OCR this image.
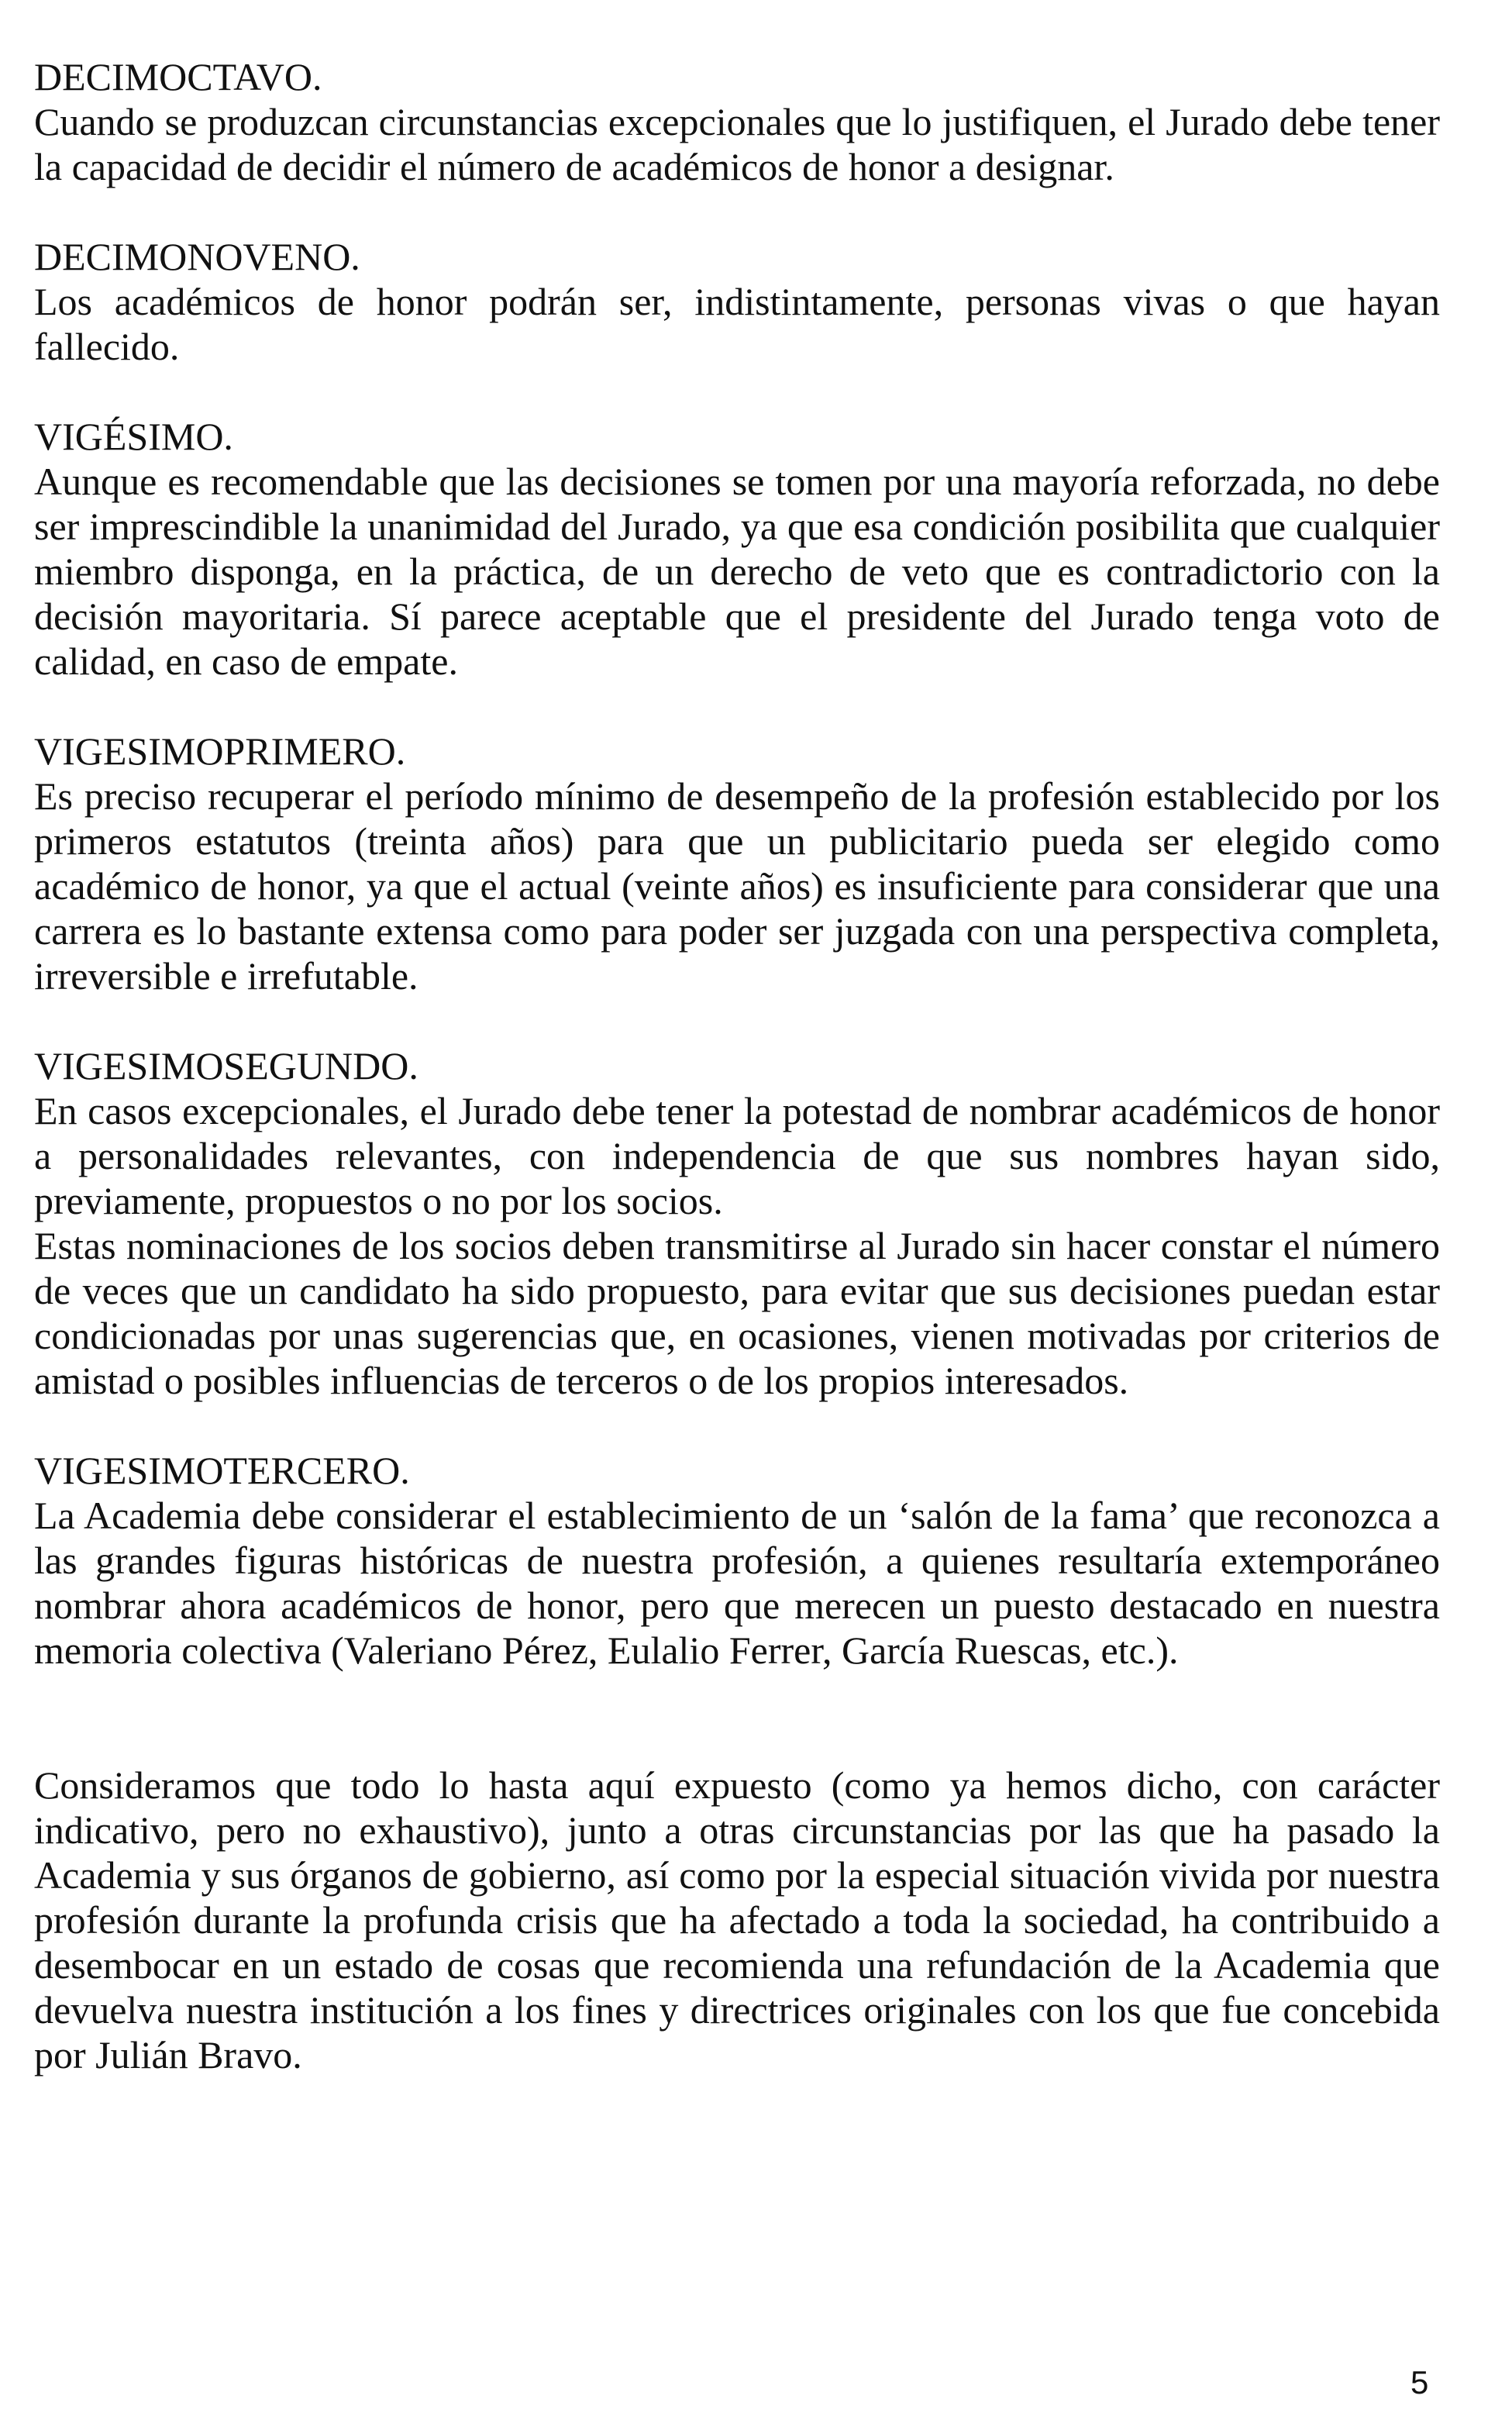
DECIMOCTAVO.

Cuando se produzcan circunstancias excepcionales que lo justifiquen, el Jurado debe tener la capacidad de decidir el número de académicos de honor a designar.

DECIMONOVENO.

Los académicos de honor podrán ser, indistintamente, personas vivas o que hayan fallecido.

VIGÉSIMO.

Aunque es recomendable que las decisiones se tomen por una mayoría reforzada, no debe ser imprescindible la unanimidad del Jurado, ya que esa condición posibilita que cualquier miembro disponga, en la práctica, de un derecho de veto que es contradictorio con la decisión mayoritaria. Sí parece aceptable que el presidente del Jurado tenga voto de calidad, en caso de empate.

VIGESIMOPRIMERO.

Es preciso recuperar el período mínimo de desempeño de la profesión establecido por los primeros estatutos (treinta años) para que un publicitario pueda ser elegido como académico de honor, ya que el actual (veinte años) es insuficiente para considerar que una carrera es lo bastante extensa como para poder ser juzgada con una perspectiva completa, irreversible e irrefutable.

VIGESIMOSEGUNDO.

En casos excepcionales, el Jurado debe tener la potestad de nombrar académicos de honor a personalidades relevantes, con independencia de que sus nombres hayan sido, previamente, propuestos o no por los socios.

Estas nominaciones de los socios deben transmitirse al Jurado sin hacer constar el número de veces que un candidato ha sido propuesto, para evitar que sus decisiones puedan estar condicionadas por unas sugerencias que, en ocasiones, vienen motivadas por criterios de amistad o posibles influencias de terceros o de los propios interesados.

VIGESIMOTERCERO.

La Academia debe considerar el establecimiento de un ‘salón de la fama’ que reconozca a las grandes figuras históricas de nuestra profesión, a quienes resultaría extemporáneo nombrar ahora académicos de honor, pero que merecen un puesto destacado en nuestra memoria colectiva (Valeriano Pérez, Eulalio Ferrer, García Ruescas, etc.).

Consideramos que todo lo hasta aquí expuesto (como ya hemos dicho, con carácter indicativo, pero no exhaustivo), junto a otras circunstancias por las que ha pasado la Academia y sus órganos de gobierno, así como por la especial situación vivida por nuestra profesión durante la profunda crisis que ha afectado a toda la sociedad, ha contribuido a desembocar en un estado de cosas que recomienda una refundación de la Academia que devuelva nuestra institución a los fines y directrices originales con los que fue concebida por Julián Bravo.

5
